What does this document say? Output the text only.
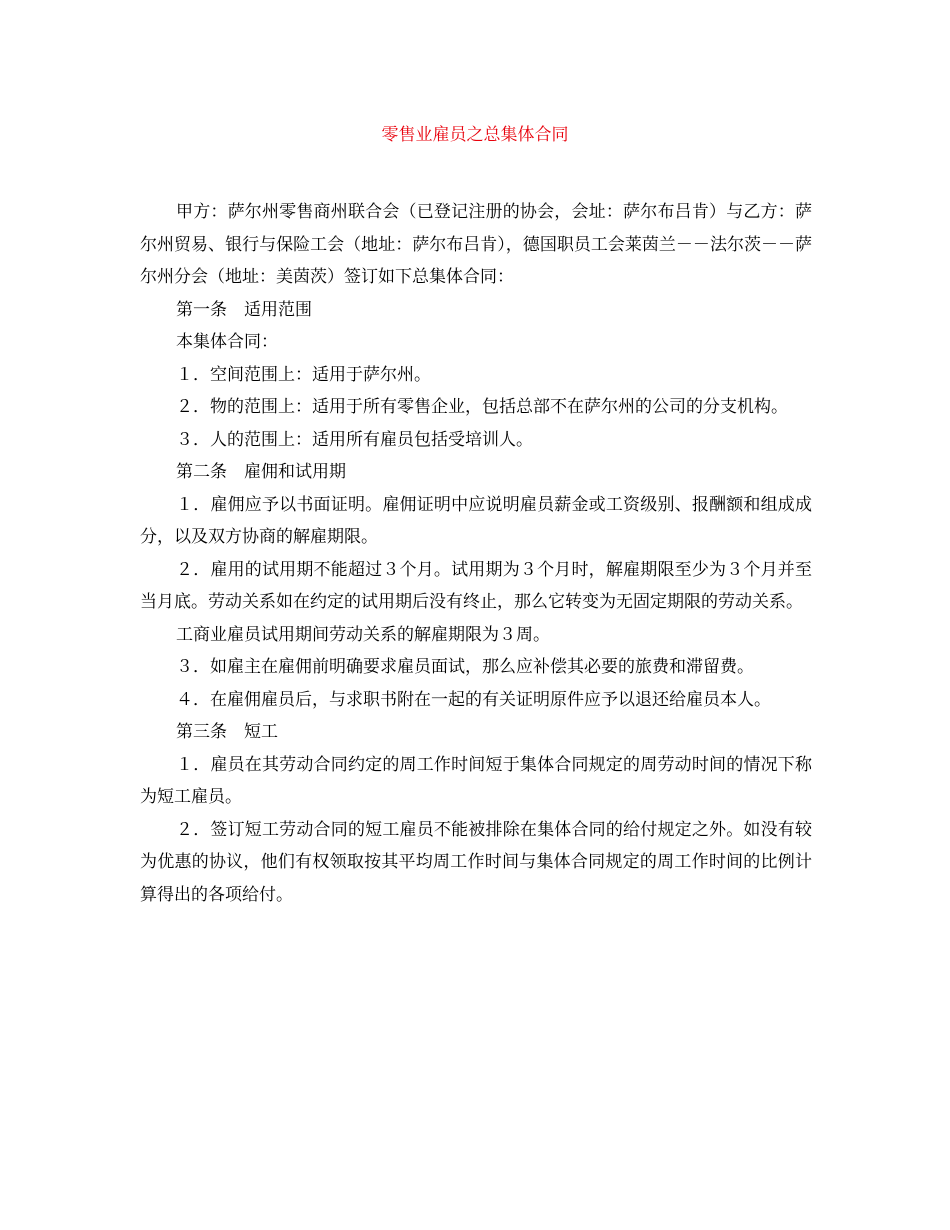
零售业雇员之总集体合同

甲方：萨尔州零售商州联合会（已登记注册的协会，会址：萨尔布吕肯）与乙方：萨尔州贸易、银行与保险工会（地址：萨尔布吕肯），德国职员工会莱茵兰－－法尔茨－－萨尔州分会（地址：美茵茨）签订如下总集体合同：

第一条　适用范围

本集体合同：

１．空间范围上：适用于萨尔州。

２．物的范围上：适用于所有零售企业，包括总部不在萨尔州的公司的分支机构。

３．人的范围上：适用所有雇员包括受培训人。

第二条　雇佣和试用期

１．雇佣应予以书面证明。雇佣证明中应说明雇员薪金或工资级别、报酬额和组成成分，以及双方协商的解雇期限。

２．雇用的试用期不能超过３个月。试用期为３个月时，解雇期限至少为３个月并至当月底。劳动关系如在约定的试用期后没有终止，那么它转变为无固定期限的劳动关系。

工商业雇员试用期间劳动关系的解雇期限为３周。

３．如雇主在雇佣前明确要求雇员面试，那么应补偿其必要的旅费和滞留费。

４．在雇佣雇员后，与求职书附在一起的有关证明原件应予以退还给雇员本人。

第三条　短工

１．雇员在其劳动合同约定的周工作时间短于集体合同规定的周劳动时间的情况下称为短工雇员。

２．签订短工劳动合同的短工雇员不能被排除在集体合同的给付规定之外。如没有较为优惠的协议，他们有权领取按其平均周工作时间与集体合同规定的周工作时间的比例计算得出的各项给付。
